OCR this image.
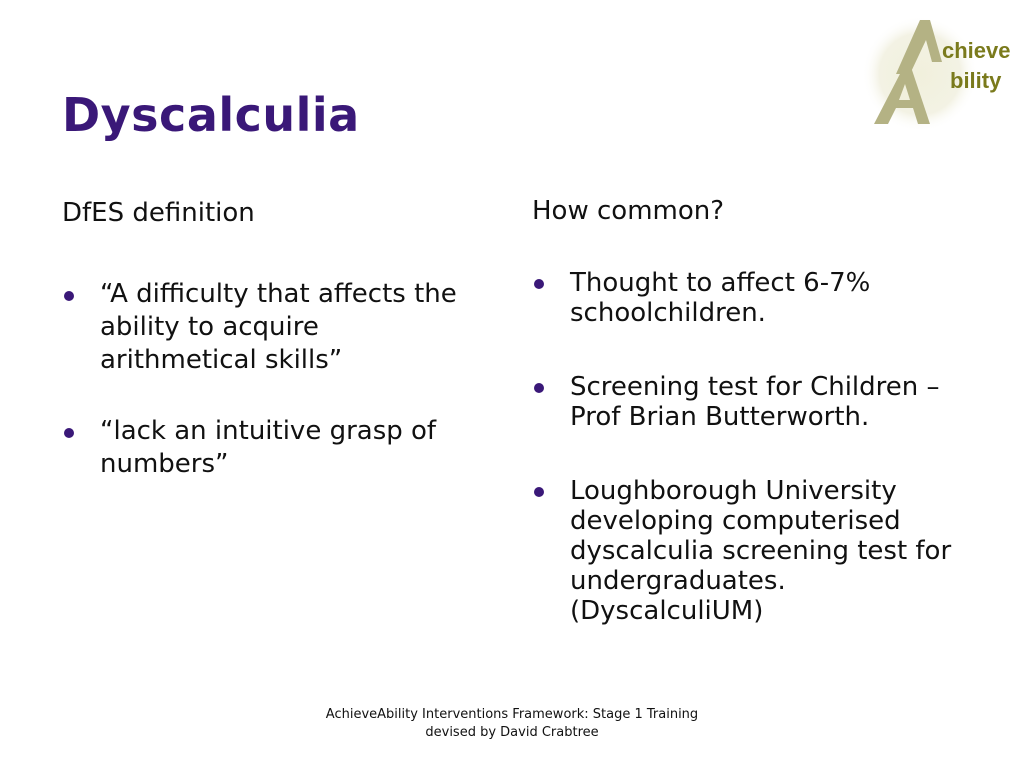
Dyscalculia
chieve
bility
DfES definition
“A difficulty that affects the ability to acquire arithmetical skills”
“lack an intuitive grasp of numbers”
How common?
Thought to affect 6-7% schoolchildren.
Screening test for Children – Prof Brian Butterworth.
Loughborough University developing computerised dyscalculia screening test for undergraduates. (DyscalculiUM)
AchieveAbility Interventions Framework: Stage 1 Training
devised by David Crabtree
